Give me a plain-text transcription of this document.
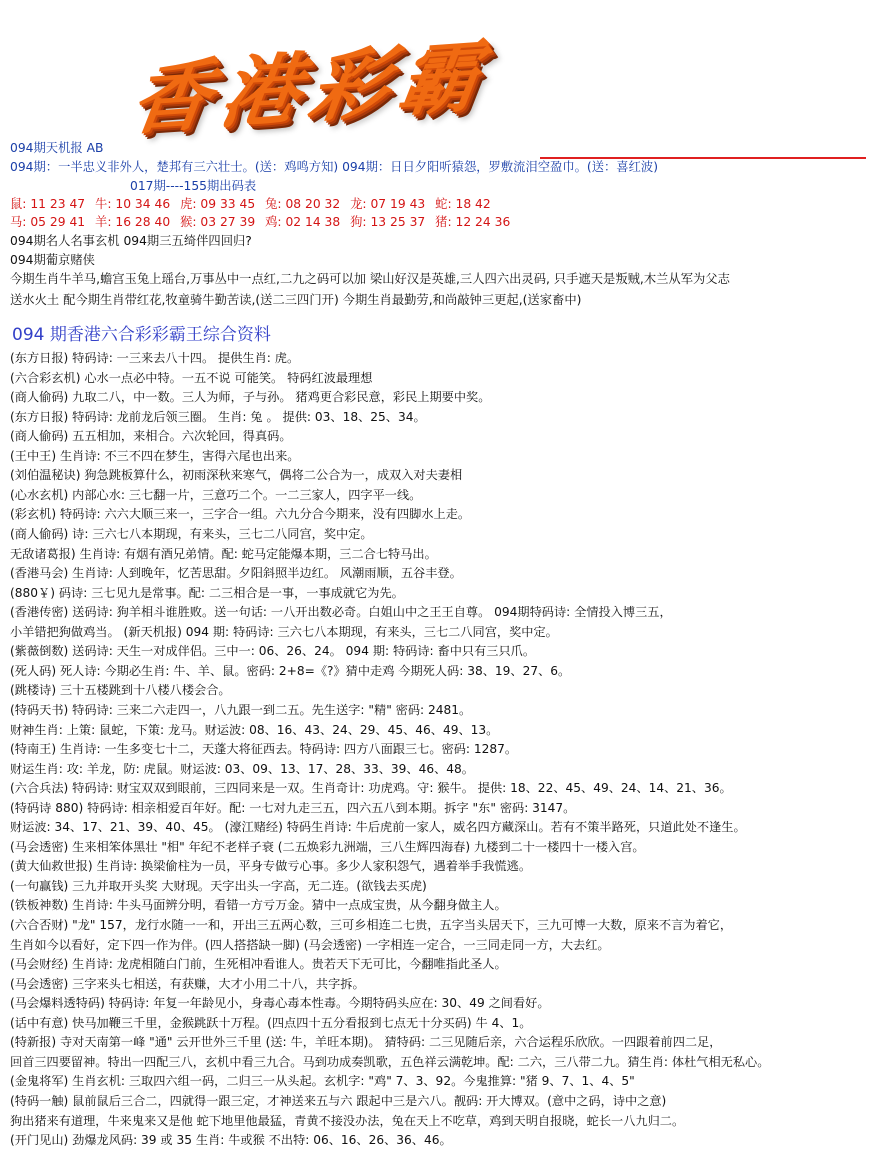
香港彩霸
094期天机报 AB
094期：一半忠义非外人，楚邦有三六壮士。(送：鸡鸣方知) 094期：日日夕阳听猿怨，罗敷流泪空盈巾。(送：喜红波)
017期----155期出码表
鼠: 11 23 47 牛: 10 34 46 虎: 09 33 45 兔: 08 20 32 龙: 07 19 43 蛇: 18 42
马: 05 29 41 羊: 16 28 40 猴: 03 27 39 鸡: 02 14 38 狗: 13 25 37 猪: 12 24 36
094期名人名事玄机 094期三五绮伴四回归?
094期葡京赌侠
今期生肖牛羊马,蟾宫玉兔上瑶台,万事丛中一点红,二九之码可以加 梁山好汉是英雄,三人四六出灵码, 只手遮天是叛贼,木兰从军为父志
送水火土 配今期生肖带红花,牧童骑牛勤苦读,(送二三四门开) 今期生肖最勤劳,和尚敲钟三更起,(送家畜中)
094 期香港六合彩彩霸王综合资料
(东方日报) 特码诗: 一三来去八十四。 提供生肖: 虎。
(六合彩玄机) 心水一点必中特。一五不说 可能笑。 特码红波最理想
(商人偷码) 九取二八，中一数。三人为师，子与孙。 猪鸡更合彩民意，彩民上期要中奖。
(东方日报) 特码诗: 龙前龙后领三圈。 生肖: 兔 。 提供: 03、18、25、34。
(商人偷码) 五五相加，来相合。六次轮回，得真码。
(王中王) 生肖诗: 不三不四在梦生，害得六尾也出来。
(刘伯温秘诀) 狗急跳板算什么，初雨深秋来寒气，偶将二公合为一，成双入对夫妻相
(心水玄机) 内部心水: 三七翻一片，三意巧二个。一二三家人，四字平一线。
(彩玄机) 特码诗: 六六大顺三来一，三字合一组。六九分合今期来，没有四脚水上走。
(商人偷码) 诗: 三六七八本期现，有来头，三七二八同宫，奖中定。
无敌诸葛报) 生肖诗: 有烟有酒兄弟情。配: 蛇马定能爆本期，三二合七特马出。
(香港马会) 生肖诗: 人到晚年，忆苦思甜。夕阳斜照半边红。 风潮雨顺，五谷丰登。
(880￥) 码诗: 三七见九是常事。配: 二三相合是一事，一事成就它为先。
(香港传密) 送码诗: 狗羊相斗谁胜败。送一句话: 一八开出数必奇。白姐山中之王王自尊。 094期特码诗: 全情投入博三五，
小羊错把狗做鸡当。 (新天机报) 094 期: 特码诗: 三六七八本期现，有来头，三七二八同宫，奖中定。
(紫薇倒数) 送码诗: 天生一对成伴侣。三中一: 06、26、24。 094 期: 特码诗: 畜中只有三只爪。
(死人码) 死人诗: 今期必生肖: 牛、羊、鼠。密码: 2+8=《?》猜中走鸡 今期死人码: 38、19、27、6。
(跳楼诗) 三十五楼跳到十八楼八楼会合。
(特码天书) 特码诗: 三来二六走四一，八九跟一到二五。先生送字: "精" 密码: 2481。
财神生肖: 上策: 鼠蛇，下策: 龙马。财运波: 08、16、43、24、29、45、46、49、13。
(特南王) 生肖诗: 一生多变七十二，天蓬大将征西去。特码诗: 四方八面跟三七。密码: 1287。
财运生肖: 攻: 羊龙，防: 虎鼠。财运波: 03、09、13、17、28、33、39、46、48。
(六合兵法) 特码诗: 财宝双双到眼前，三四同来是一双。生肖奇计: 功虎鸡。守: 猴牛。 提供: 18、22、45、49、24、14、21、36。
(特码诗 880) 特码诗: 相亲相爱百年好。配: 一七对九走三五，四六五八到本期。拆字 "东" 密码: 3147。
财运波: 34、17、21、39、40、45。 (濠江赌经) 特码生肖诗: 牛后虎前一家人，威名四方藏深山。若有不策半路死，只道此处不逢生。
(马会透密) 生来相笨体黑壮 "相" 年纪不老样子衰 (二五焕彩九洲端，三八生辉四海春) 九楼到二十一楼四十一楼入宫。
(黄大仙救世报) 生肖诗: 换梁偷柱为一员，平身专做亏心事。多少人家积怨气，遇着举手我慌逃。
(一句赢钱) 三九并取开头奖 大财现。天字出头一字高，无二连。(欲钱去买虎)
(铁板神数) 生肖诗: 牛头马面辨分明，看错一方亏万金。猜中一点成宝贵，从今翻身做主人。
(六合否财) "龙" 157，龙行水随一一和，开出三五两心数，三可乡相连二七贵，五字当头居天下，三九可博一大数，原来不言为着它，
生肖如今以看好，定下四一作为伴。(四人搭搭缺一脚) (马会透密) 一字相连一定合，一三同走同一方，大去红。
(马会财经) 生肖诗: 龙虎相随白门前，生死相冲看谁人。贵若天下无可比，今翻唯指此圣人。
(马会透密) 三字来头七相送，有获赚，大才小用二十八，共字拆。
(马会爆料透特码) 特码诗: 年复一年龄见小，身毒心毒本性毒。今期特码头应在: 30、49 之间看好。
(话中有意) 快马加鞭三千里，金猴跳跃十万程。(四点四十五分看报到七点无十分买码) 牛 4、1。
(特新报) 寺对天南第一峰 "通" 云开世外三千里 (送: 牛，羊旺本期)。 猜特码: 二三见随后亲，六合运程乐欣欣。一四跟着前四二足，
回首三四要留神。特出一四配三八，玄机中看三九合。马到功成奏凯歌，五色祥云满乾坤。配: 二六，三八带二九。猜生肖: 体杜气相无私心。
(金鬼将军) 生肖玄机: 三取四六组一码，二归三一从头起。玄机字: "鸡" 7、3、92。今鬼推算: "猪 9、7、1、4、5"
(特码一触) 鼠前鼠后三合二，四就得一跟三定，才神送来五与六 跟起中三是六八。靓码: 开大博双。(意中之码，诗中之意)
狗出猪来有道理，牛来鬼来又是他 蛇下地里他最猛，青黄不接没办法，兔在天上不吃草，鸡到天明自报晓，蛇长一八九归二。
(开门见山) 劲爆龙风码: 39 或 35 生肖: 牛或猴 不出特: 06、16、26、36、46。
